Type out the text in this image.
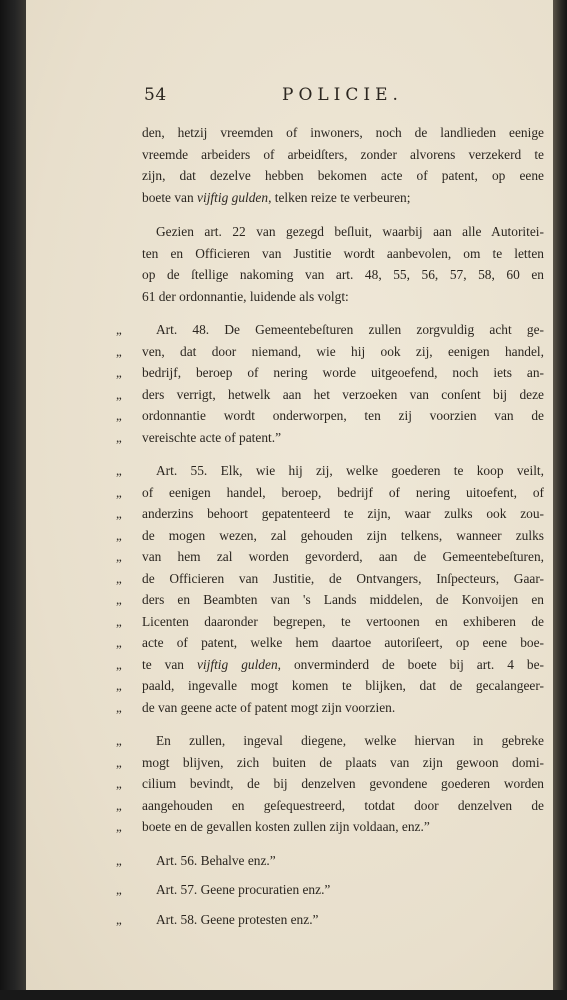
54	POLICIE.
den, hetzij vreemden of inwoners, noch de landlieden eenige
vreemde arbeiders of arbeidſters, zonder alvorens verzekerd te
zijn, dat dezelve hebben bekomen acte of patent, op eene
boete van vijftig gulden, telken reize te verbeuren;
Gezien art. 22 van gezegd beſluit, waarbij aan alle Autoritei-
ten en Officieren van Justitie wordt aanbevolen, om te letten
op de ſtellige nakoming van art. 48, 55, 56, 57, 58, 60 en
61 der ordonnantie, luidende als volgt:
„	Art. 48. De Gemeentebeſturen zullen zorgvuldig acht ge-
„	ven, dat door niemand, wie hij ook zij, eenigen handel,
„	bedrijf, beroep of nering worde uitgeoefend, noch iets an-
„	ders verrigt, hetwelk aan het verzoeken van conſent bij deze
„	ordonnantie wordt onderworpen, ten zij voorzien van de
„	vereischte acte of patent.”
„	Art. 55. Elk, wie hij zij, welke goederen te koop veilt,
„	of eenigen handel, beroep, bedrijf of nering uitoefent, of
„	anderzins behoort gepatenteerd te zijn, waar zulks ook zou-
„	de mogen wezen, zal gehouden zijn telkens, wanneer zulks
„	van hem zal worden gevorderd, aan de Gemeentebeſturen,
„	de Officieren van Justitie, de Ontvangers, Inſpecteurs, Gaar-
„	ders en Beambten van 's Lands middelen, de Konvoijen en
„	Licenten daaronder begrepen, te vertoonen en exhiberen de
„	acte of patent, welke hem daartoe autoriſeert, op eene boe-
„	te van vijftig gulden, onverminderd de boete bij art. 4 be-
„	paald, ingevalle mogt komen te blijken, dat de gecalangeer-
„	de van geene acte of patent mogt zijn voorzien.
„	En zullen, ingeval diegene, welke hiervan in gebreke
„	mogt blijven, zich buiten de plaats van zijn gewoon domi-
„	cilium bevindt, de bij denzelven gevondene goederen worden
„	aangehouden en geſequestreerd, totdat door denzelven de
„	boete en de gevallen kosten zullen zijn voldaan, enz.”
„	Art. 56. Behalve enz.”
„	Art. 57. Geene procuratien enz.”
„	Art. 58. Geene protesten enz.”
